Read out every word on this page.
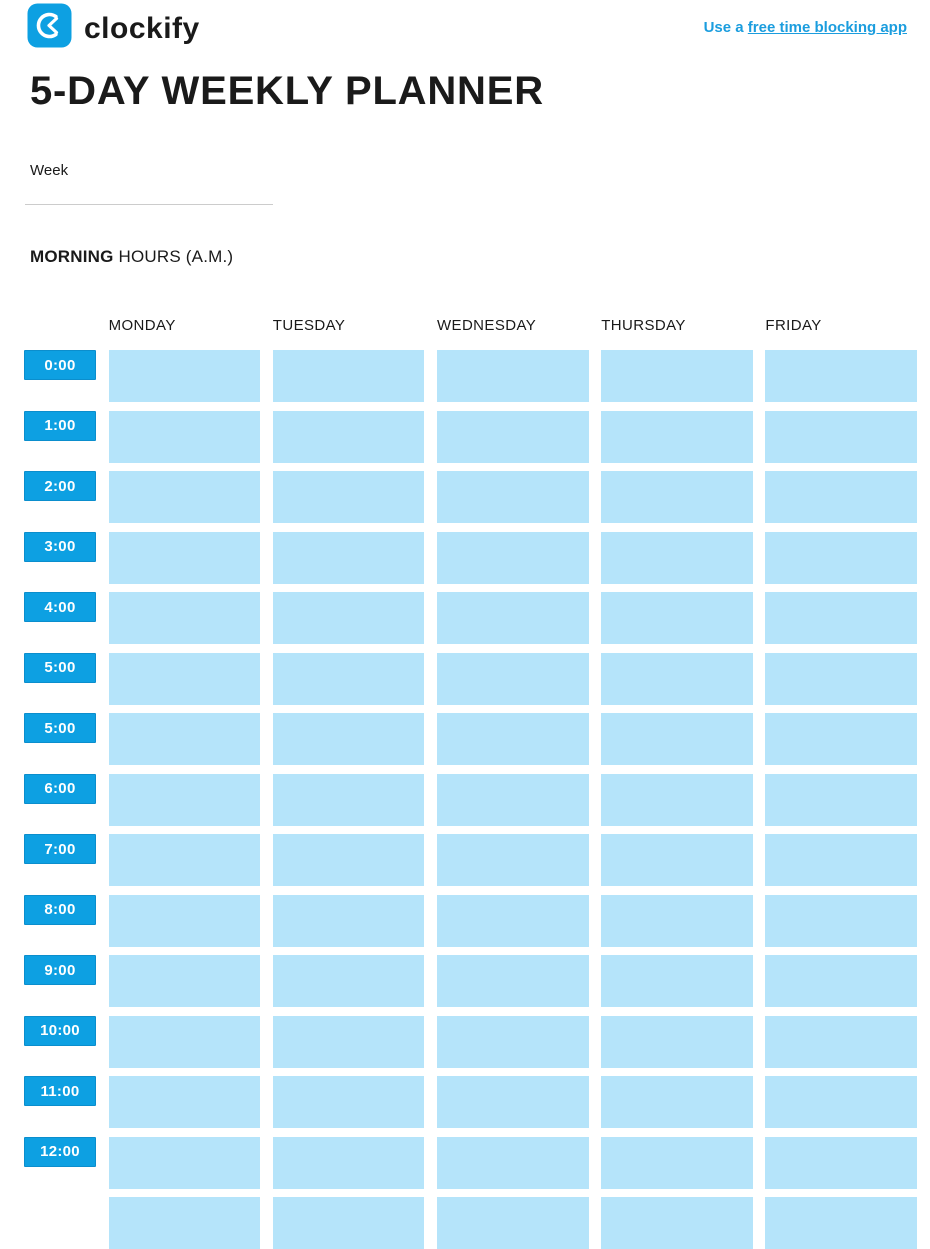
clockify	Use a free time blocking app
5-DAY WEEKLY PLANNER
Week
MORNING HOURS (A.M.)
MONDAY	TUESDAY	WEDNESDAY	THURSDAY	FRIDAY
0:00
1:00
2:00
3:00
4:00
5:00
5:00
6:00
7:00
8:00
9:00
10:00
11:00
12:00
